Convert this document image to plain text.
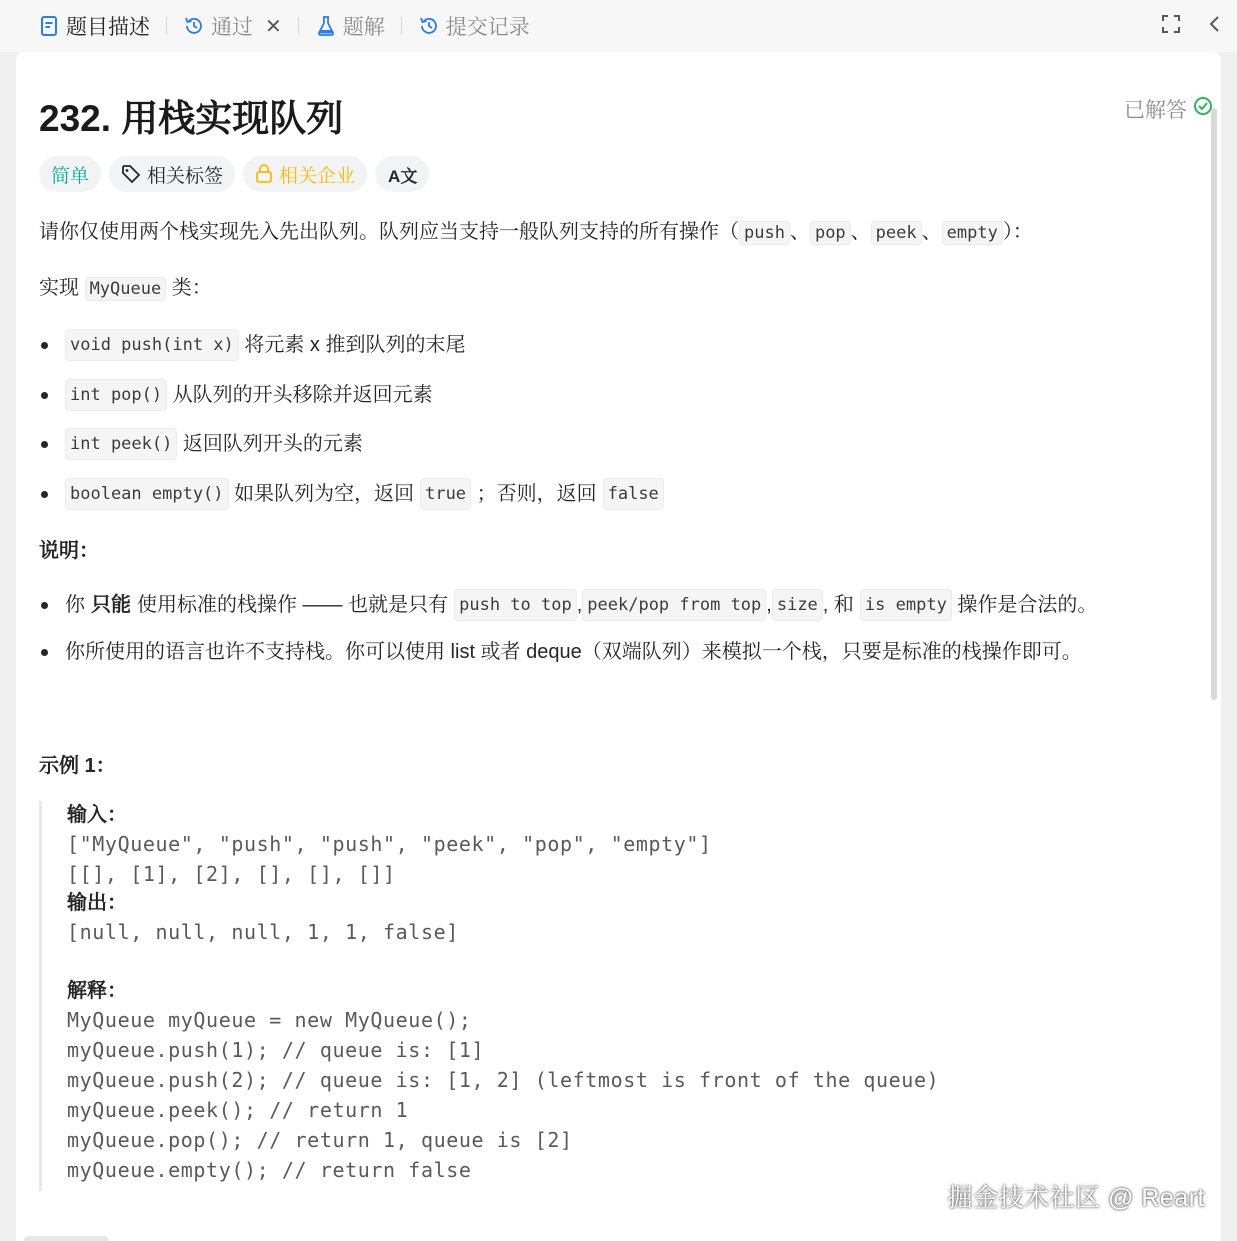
题目描述	通过 ✕	题解	提交记录
232. 用栈实现队列	已解答
简单	相关标签	相关企业 A文
请你仅使用两个栈实现先入先出队列。队列应当支持一般队列支持的所有操作（ push 、 pop 、 peek 、 empty ）：
实现 MyQueue 类：
void push(int x)
将元素 x 推到队列的末尾
int pop()
从队列的开头移除并返回元素
int peek()
返回队列开头的元素
boolean empty()
如果队列为空，返回 true
；否则，返回 false
说明：
你 只能 使用标准的栈操作 —— 也就是只有 push to top , peek/pop from top , size , 和 is empty
操作是合法的。
你所使用的语言也许不支持栈。你可以使用 list 或者 deque（双端队列）来模拟一个栈，只要是标准的栈操作即可。
示例 1：
输入：
["MyQueue", "push", "push", "peek", "pop", "empty"]
[[], [1], [2], [], [], []]
输出：
[null, null, null, 1, 1, false]
解释：
MyQueue myQueue = new MyQueue();
myQueue.push(1); // queue is: [1]
myQueue.push(2); // queue is: [1, 2] (leftmost is front of the queue)
myQueue.peek(); // return 1
myQueue.pop(); // return 1, queue is [2]
myQueue.empty(); // return false
掘金技术社区 @ Reart
